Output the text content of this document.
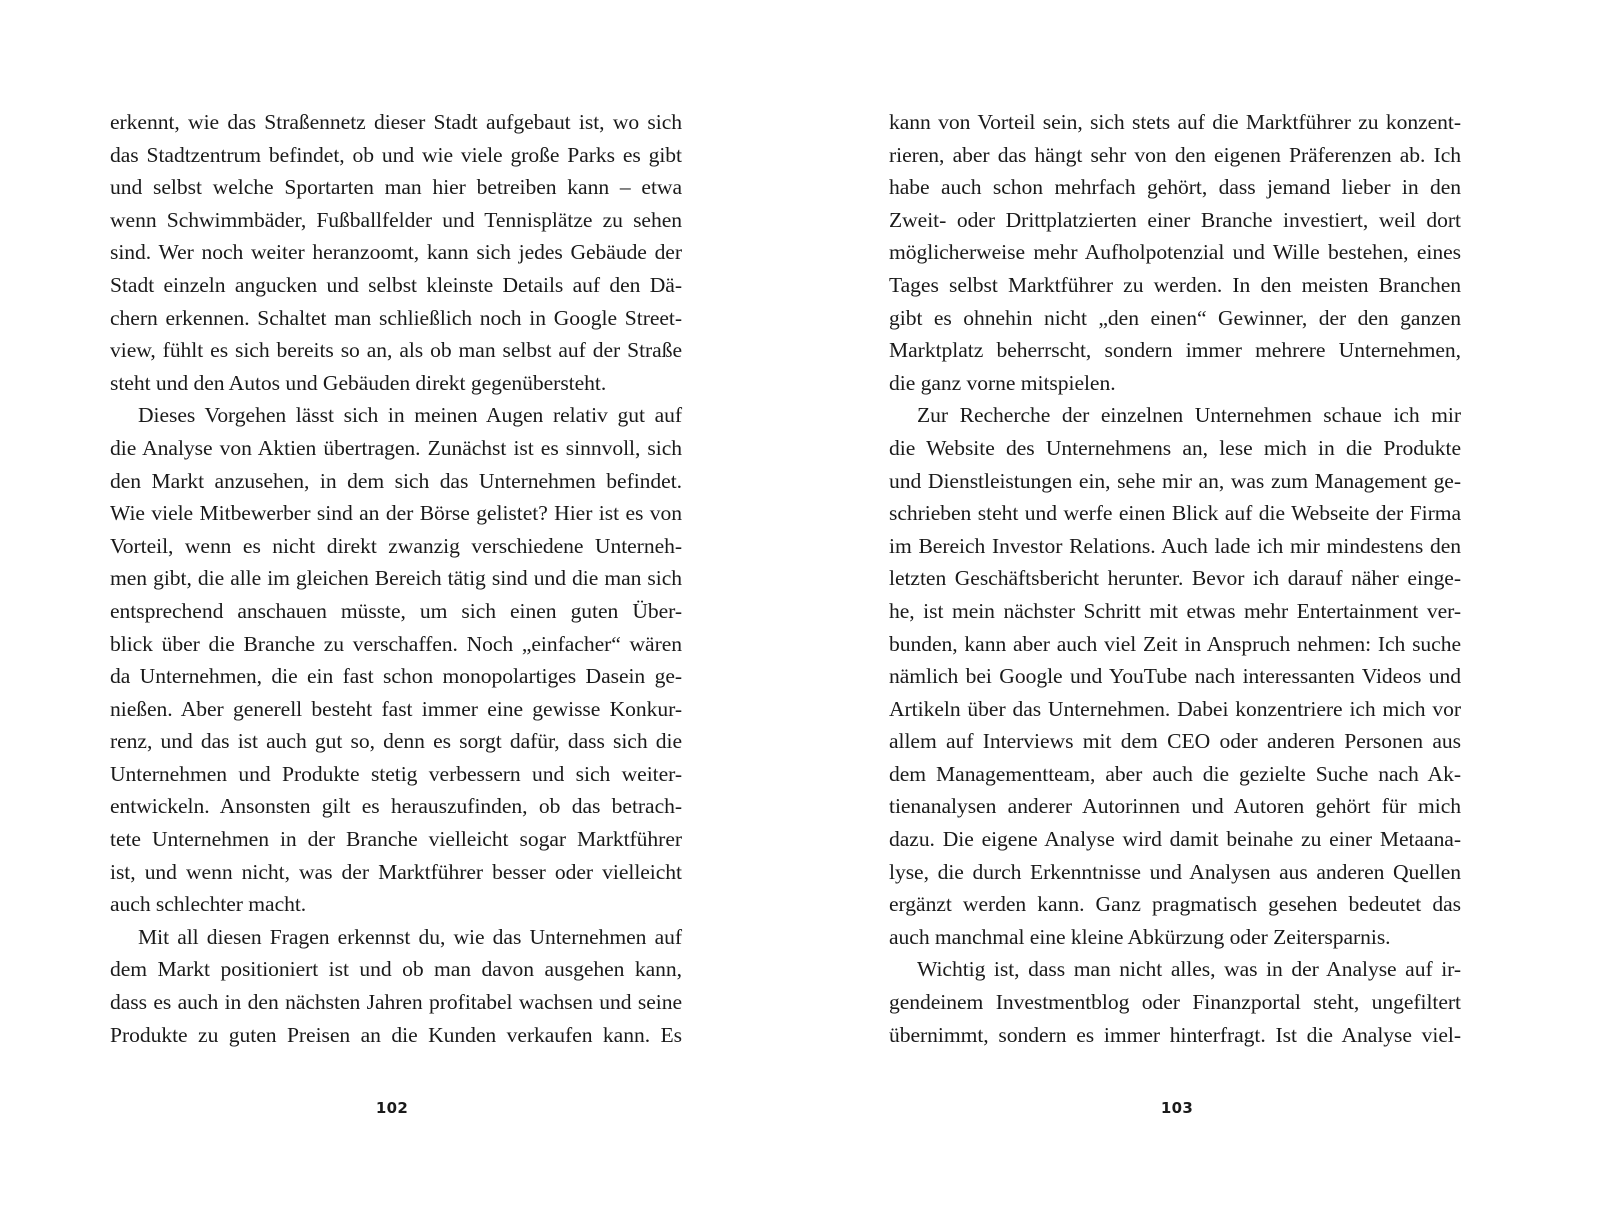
erkennt, wie das Straßennetz dieser Stadt aufgebaut ist, wo sich
das Stadtzentrum befindet, ob und wie viele große Parks es gibt
und selbst welche Sportarten man hier betreiben kann – etwa
wenn Schwimmbäder, Fußballfelder und Tennisplätze zu sehen
sind. Wer noch weiter heranzoomt, kann sich jedes Gebäude der
Stadt einzeln angucken und selbst kleinste Details auf den Dä-
chern erkennen. Schaltet man schließlich noch in Google Street-
view, fühlt es sich bereits so an, als ob man selbst auf der Straße
steht und den Autos und Gebäuden direkt gegenübersteht.
Dieses Vorgehen lässt sich in meinen Augen relativ gut auf
die Analyse von Aktien übertragen. Zunächst ist es sinnvoll, sich
den Markt anzusehen, in dem sich das Unternehmen befindet.
Wie viele Mitbewerber sind an der Börse gelistet? Hier ist es von
Vorteil, wenn es nicht direkt zwanzig verschiedene Unterneh-
men gibt, die alle im gleichen Bereich tätig sind und die man sich
entsprechend anschauen müsste, um sich einen guten Über-
blick über die Branche zu verschaffen. Noch „einfacher“ wären
da Unternehmen, die ein fast schon monopolartiges Dasein ge-
nießen. Aber generell besteht fast immer eine gewisse Konkur-
renz, und das ist auch gut so, denn es sorgt dafür, dass sich die
Unternehmen und Produkte stetig verbessern und sich weiter-
entwickeln. Ansonsten gilt es herauszufinden, ob das betrach-
tete Unternehmen in der Branche vielleicht sogar Marktführer
ist, und wenn nicht, was der Marktführer besser oder vielleicht
auch schlechter macht.
Mit all diesen Fragen erkennst du, wie das Unternehmen auf
dem Markt positioniert ist und ob man davon ausgehen kann,
dass es auch in den nächsten Jahren profitabel wachsen und seine
Produkte zu guten Preisen an die Kunden verkaufen kann. Es
102
kann von Vorteil sein, sich stets auf die Marktführer zu konzent-
rieren, aber das hängt sehr von den eigenen Präferenzen ab. Ich
habe auch schon mehrfach gehört, dass jemand lieber in den
Zweit- oder Drittplatzierten einer Branche investiert, weil dort
möglicherweise mehr Aufholpotenzial und Wille bestehen, eines
Tages selbst Marktführer zu werden. In den meisten Branchen
gibt es ohnehin nicht „den einen“ Gewinner, der den ganzen
Marktplatz beherrscht, sondern immer mehrere Unternehmen,
die ganz vorne mitspielen.
Zur Recherche der einzelnen Unternehmen schaue ich mir
die Website des Unternehmens an, lese mich in die Produkte
und Dienstleistungen ein, sehe mir an, was zum Management ge-
schrieben steht und werfe einen Blick auf die Webseite der Firma
im Bereich Investor Relations. Auch lade ich mir mindestens den
letzten Geschäftsbericht herunter. Bevor ich darauf näher einge-
he, ist mein nächster Schritt mit etwas mehr Entertainment ver-
bunden, kann aber auch viel Zeit in Anspruch nehmen: Ich suche
nämlich bei Google und YouTube nach interessanten Videos und
Artikeln über das Unternehmen. Dabei konzentriere ich mich vor
allem auf Interviews mit dem CEO oder anderen Personen aus
dem Managementteam, aber auch die gezielte Suche nach Ak-
tienanalysen anderer Autorinnen und Autoren gehört für mich
dazu. Die eigene Analyse wird damit beinahe zu einer Metaana-
lyse, die durch Erkenntnisse und Analysen aus anderen Quellen
ergänzt werden kann. Ganz pragmatisch gesehen bedeutet das
auch manchmal eine kleine Abkürzung oder Zeitersparnis.
Wichtig ist, dass man nicht alles, was in der Analyse auf ir-
gendeinem Investmentblog oder Finanzportal steht, ungefiltert
übernimmt, sondern es immer hinterfragt. Ist die Analyse viel-
103
